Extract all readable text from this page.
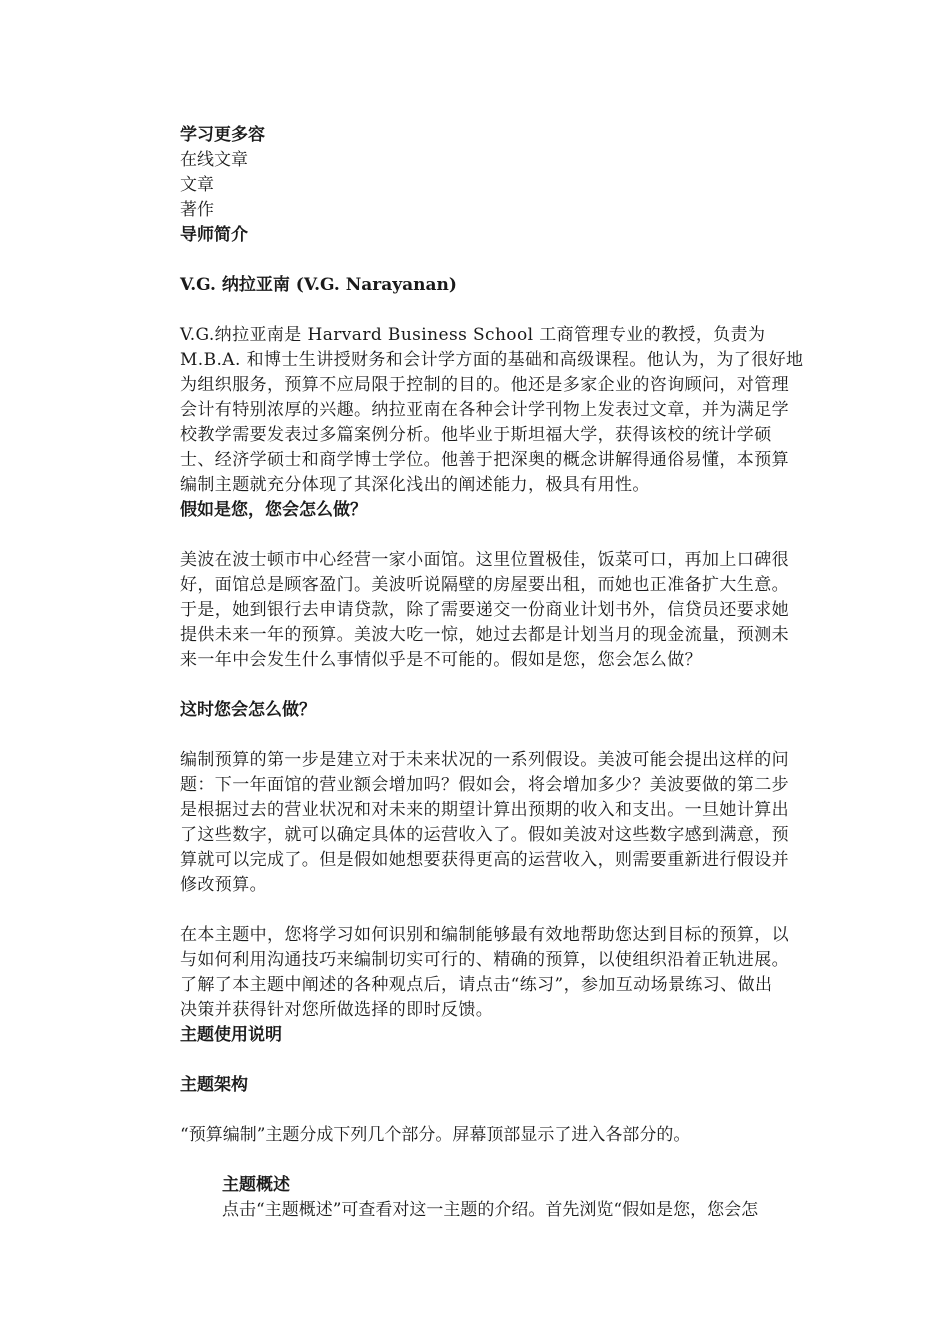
学习更多容
在线文章
文章
著作
导师简介
V.G. 纳拉亚南 (V.G. Narayanan)
V.G.纳拉亚南是 Harvard Business School 工商管理专业的教授，负责为
M.B.A. 和博士生讲授财务和会计学方面的基础和高级课程。他认为，为了很好地
为组织服务，预算不应局限于控制的目的。他还是多家企业的咨询顾问，对管理
会计有特别浓厚的兴趣。纳拉亚南在各种会计学刊物上发表过文章，并为满足学
校教学需要发表过多篇案例分析。他毕业于斯坦福大学，获得该校的统计学硕
士、经济学硕士和商学博士学位。他善于把深奥的概念讲解得通俗易懂，本预算
编制主题就充分体现了其深化浅出的阐述能力，极具有用性。
假如是您，您会怎么做？
美波在波士顿市中心经营一家小面馆。这里位置极佳，饭菜可口，再加上口碑很
好，面馆总是顾客盈门。美波听说隔壁的房屋要出租，而她也正准备扩大生意。
于是，她到银行去申请贷款，除了需要递交一份商业计划书外，信贷员还要求她
提供未来一年的预算。美波大吃一惊，她过去都是计划当月的现金流量，预测未
来一年中会发生什么事情似乎是不可能的。假如是您，您会怎么做？
这时您会怎么做？
编制预算的第一步是建立对于未来状况的一系列假设。美波可能会提出这样的问
题：下一年面馆的营业额会增加吗？假如会，将会增加多少？美波要做的第二步
是根据过去的营业状况和对未来的期望计算出预期的收入和支出。一旦她计算出
了这些数字，就可以确定具体的运营收入了。假如美波对这些数字感到满意，预
算就可以完成了。但是假如她想要获得更高的运营收入，则需要重新进行假设并
修改预算。
在本主题中，您将学习如何识别和编制能够最有效地帮助您达到目标的预算，以
与如何利用沟通技巧来编制切实可行的、精确的预算，以使组织沿着正轨进展。
了解了本主题中阐述的各种观点后，请点击“练习”，参加互动场景练习、做出
决策并获得针对您所做选择的即时反馈。
主题使用说明
主题架构
“预算编制”主题分成下列几个部分。屏幕顶部显示了进入各部分的。
主题概述
点击“主题概述”可查看对这一主题的介绍。首先浏览“假如是您，您会怎
